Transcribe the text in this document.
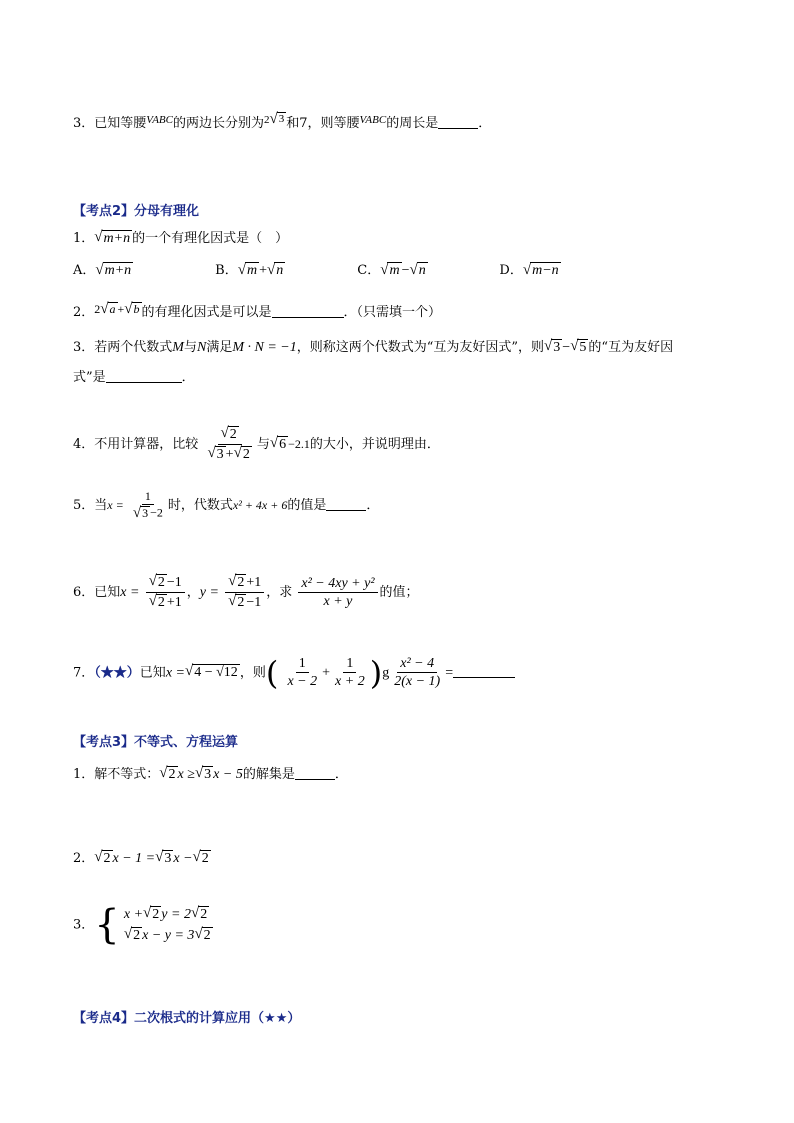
3．已知等腰$^{VABC}$的两边长分别为$^2$ √ 3 和7，则等腰$^{VABC}$的周长是	．
【考点2】分母有理化
1． √ m+n 的一个有理化因式是（　）
A．√m+n	B．√m +√n	C．√m −√n	D．√m−n
2．2 √ a + √ b 的有理化因式是可以是	．（只需填一个）
3．若两个代数式M与N满足M · N = −1，则称这两个代数式为“互为友好因式”，则 √ 3 − √ 5 的“互为友好因
式”是	．
4．不用计算器，比较 $\frac{√ 2}{√ 3 + √ 2}$ 与 √ 6 −2.1的大小，并说明理由．
5．当$x = \frac{1}{√ 3 -2}$ 时，代数式x² + 4x + 6的值是	．
6．已知$x = \frac{√ 2 -1}{√ 2 +1}$ ，$y = \frac{√ 2 +1}{√ 2 -1}$ ，求 $\frac{\text{x² − 4xy + y²}}{x + y}$ 的值；
7．（★★）已知x = √ 4 − √12 ，则( $\frac{1}{x - 2} + \frac{1}{x + 2} )g \frac{\text{x² − 4}}{2(x - 1)}$ =
【考点3】不等式、方程运算
1．解不等式： √ 2 x ≥ √ 3 x − 5的解集是	．
2． √ 2 x − 1 = √ 3 x − √ 2
3．{ x + √ 2 y = 2 √ 2
√ 2 x − y = 3 √ 2
【考点4】二次根式的计算应用（★★）
